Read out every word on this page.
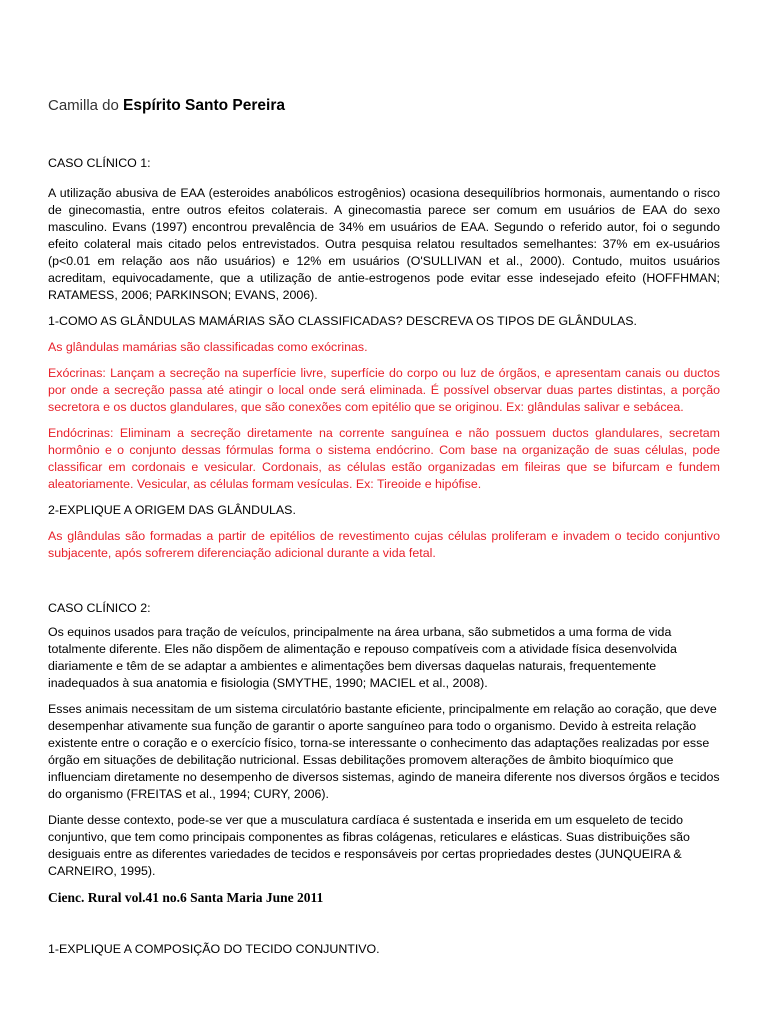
Camilla do Espírito Santo Pereira

CASO CLÍNICO 1:

A utilização abusiva de EAA (esteroides anabólicos estrogênios) ocasiona desequilíbrios hormonais, aumentando o risco de ginecomastia, entre outros efeitos colaterais. A ginecomastia parece ser comum em usuários de EAA do sexo masculino. Evans (1997) encontrou prevalência de 34% em usuários de EAA. Segundo o referido autor, foi o segundo efeito colateral mais citado pelos entrevistados. Outra pesquisa relatou resultados semelhantes: 37% em ex-usuários (p<0.01 em relação aos não usuários) e 12% em usuários (O'SULLIVAN et al., 2000). Contudo, muitos usuários acreditam, equivocadamente, que a utilização de antie-estrogenos pode evitar esse indesejado efeito (HOFFHMAN; RATAMESS, 2006; PARKINSON; EVANS, 2006).

1-COMO AS GLÂNDULAS MAMÁRIAS SÃO CLASSIFICADAS? DESCREVA OS TIPOS DE GLÂNDULAS.

As glândulas mamárias são classificadas como exócrinas.

Exócrinas: Lançam a secreção na superfície livre, superfície do corpo ou luz de órgãos, e apresentam canais ou ductos por onde a secreção passa até atingir o local onde será eliminada. É possível observar duas partes distintas, a porção secretora e os ductos glandulares, que são conexões com epitélio que se originou. Ex: glândulas salivar e sebácea.

Endócrinas: Eliminam a secreção diretamente na corrente sanguínea e não possuem ductos glandulares, secretam hormônio e o conjunto dessas fórmulas forma o sistema endócrino. Com base na organização de suas células, pode classificar em cordonais e vesicular. Cordonais, as células estão organizadas em fileiras que se bifurcam e fundem aleatoriamente. Vesicular, as células formam vesículas. Ex: Tireoide e hipófise.

2-EXPLIQUE A ORIGEM DAS GLÂNDULAS.

As glândulas são formadas a partir de epitélios de revestimento cujas células proliferam e invadem o tecido conjuntivo subjacente, após sofrerem diferenciação adicional durante a vida fetal.

CASO CLÍNICO 2:

Os equinos usados para tração de veículos, principalmente na área urbana, são submetidos a uma forma de vida totalmente diferente. Eles não dispõem de alimentação e repouso compatíveis com a atividade física desenvolvida diariamente e têm de se adaptar a ambientes e alimentações bem diversas daquelas naturais, frequentemente inadequados à sua anatomia e fisiologia (SMYTHE, 1990; MACIEL et al., 2008).

Esses animais necessitam de um sistema circulatório bastante eficiente, principalmente em relação ao coração, que deve desempenhar ativamente sua função de garantir o aporte sanguíneo para todo o organismo. Devido à estreita relação existente entre o coração e o exercício físico, torna-se interessante o conhecimento das adaptações realizadas por esse órgão em situações de debilitação nutricional. Essas debilitações promovem alterações de âmbito bioquímico que influenciam diretamente no desempenho de diversos sistemas, agindo de maneira diferente nos diversos órgãos e tecidos do organismo (FREITAS et al., 1994; CURY, 2006).

Diante desse contexto, pode-se ver que a musculatura cardíaca é sustentada e inserida em um esqueleto de tecido conjuntivo, que tem como principais componentes as fibras colágenas, reticulares e elásticas. Suas distribuições são desiguais entre as diferentes variedades de tecidos e responsáveis por certas propriedades destes (JUNQUEIRA & CARNEIRO, 1995).

Cienc. Rural vol.41 no.6 Santa Maria June 2011

1-EXPLIQUE A COMPOSIÇÃO DO TECIDO CONJUNTIVO.
